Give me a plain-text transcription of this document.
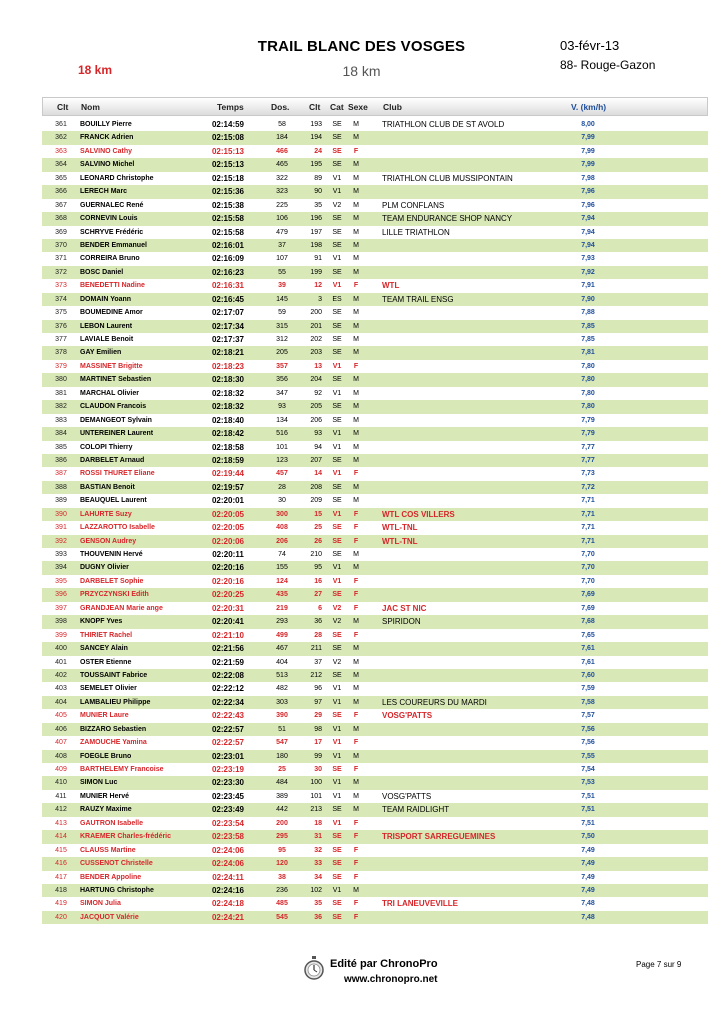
TRAIL BLANC DES VOSGES
18 km
03-févr-13
88- Rouge-Gazon
18 km
Clt Nom	Temps	Dos. Clt Cat Sexe Club	V. (km/h)
361	BOUILLY Pierre	02:14:59	58	193	SE	M	TRIATHLON CLUB DE ST AVOLD	8,00
362	FRANCK Adrien	02:15:08	184	194	SE	M	7,99
363	SALVINO Cathy	02:15:13	466	24	SE	F	7,99
364	SALVINO Michel	02:15:13	465	195	SE	M	7,99
365	LEONARD Christophe	02:15:18	322	89	V1	M	TRIATHLON CLUB MUSSIPONTAIN	7,98
366	LERECH Marc	02:15:36	323	90	V1	M	7,96
367	GUERNALEC René	02:15:38	225	35	V2	M	PLM CONFLANS	7,96
368	CORNEVIN Louis	02:15:58	106	196	SE	M	TEAM ENDURANCE SHOP NANCY	7,94
369	SCHRYVE Frédéric	02:15:58	479	197	SE	M	LILLE TRIATHLON	7,94
370	BENDER Emmanuel	02:16:01	37	198	SE	M	7,94
371	CORREIRA Bruno	02:16:09	107	91	V1	M	7,93
372	BOSC Daniel	02:16:23	55	199	SE	M	7,92
373	BENEDETTI Nadine	02:16:31	39	12	V1	F	WTL	7,91
374	DOMAIN Yoann	02:16:45	145	3	ES	M	TEAM TRAIL ENSG	7,90
375	BOUMEDINE Amor	02:17:07	59	200	SE	M	7,88
376	LEBON Laurent	02:17:34	315	201	SE	M	7,85
377	LAVIALE Benoit	02:17:37	312	202	SE	M	7,85
378	GAY Emilien	02:18:21	205	203	SE	M	7,81
379	MASSINET Brigitte	02:18:23	357	13	V1	F	7,80
380	MARTINET Sebastien	02:18:30	356	204	SE	M	7,80
381	MARCHAL Olivier	02:18:32	347	92	V1	M	7,80
382	CLAUDON Francois	02:18:32	93	205	SE	M	7,80
383	DEMANGEOT Sylvain	02:18:40	134	206	SE	M	7,79
384	UNTEREINER Laurent	02:18:42	516	93	V1	M	7,79
385	COLOPI Thierry	02:18:58	101	94	V1	M	7,77
386	DARBELET Arnaud	02:18:59	123	207	SE	M	7,77
387	ROSSI THURET Eliane	02:19:44	457	14	V1	F	7,73
388	BASTIAN Benoit	02:19:57	28	208	SE	M	7,72
389	BEAUQUEL Laurent	02:20:01	30	209	SE	M	7,71
390	LAHURTE Suzy	02:20:05	300	15	V1	F	WTL COS VILLERS	7,71
391	LAZZAROTTO Isabelle	02:20:05	408	25	SE	F	WTL-TNL	7,71
392	GENSON Audrey	02:20:06	206	26	SE	F	WTL-TNL	7,71
393	THOUVENIN Hervé	02:20:11	74	210	SE	M	7,70
394	DUGNY Olivier	02:20:16	155	95	V1	M	7,70
395	DARBELET Sophie	02:20:16	124	16	V1	F	7,70
396	PRZYCZYNSKI Edith	02:20:25	435	27	SE	F	7,69
397	GRANDJEAN Marie ange	02:20:31	219	6	V2	F	JAC ST NIC	7,69
398	KNOPF Yves	02:20:41	293	36	V2	M	SPIRIDON	7,68
399	THIRIET Rachel	02:21:10	499	28	SE	F	7,65
400	SANCEY Alain	02:21:56	467	211	SE	M	7,61
401	OSTER Etienne	02:21:59	404	37	V2	M	7,61
402	TOUSSAINT Fabrice	02:22:08	513	212	SE	M	7,60
403	SEMELET Olivier	02:22:12	482	96	V1	M	7,59
404	LAMBALIEU Philippe	02:22:34	303	97	V1	M	LES COUREURS DU MARDI	7,58
405	MUNIER Laure	02:22:43	390	29	SE	F	VOSG'PATTS	7,57
406	BIZZARO Sebastien	02:22:57	51	98	V1	M	7,56
407	ZAMOUCHE Yamina	02:22:57	547	17	V1	F	7,56
408	FOEGLE Bruno	02:23:01	180	99	V1	M	7,55
409	BARTHELEMY Francoise	02:23:19	25	30	SE	F	7,54
410	SIMON Luc	02:23:30	484	100	V1	M	7,53
411	MUNIER Hervé	02:23:45	389	101	V1	M	VOSG'PATTS	7,51
412	RAUZY Maxime	02:23:49	442	213	SE	M	TEAM RAIDLIGHT	7,51
413	GAUTRON Isabelle	02:23:54	200	18	V1	F	7,51
414	KRAEMER Charles-frédéric	02:23:58	295	31	SE	F	TRISPORT SARREGUEMINES	7,50
415	CLAUSS Martine	02:24:06	95	32	SE	F	7,49
416	CUSSENOT Christelle	02:24:06	120	33	SE	F	7,49
417	BENDER Appoline	02:24:11	38	34	SE	F	7,49
418	HARTUNG Christophe	02:24:16	236	102	V1	M	7,49
419	SIMON Julia	02:24:18	485	35	SE	F	TRI LANEUVEVILLE	7,48
420	JACQUOT Valérie	02:24:21	545	36	SE	F	7,48
Edité par ChronoPro
www.chronopro.net
Page 7 sur 9
